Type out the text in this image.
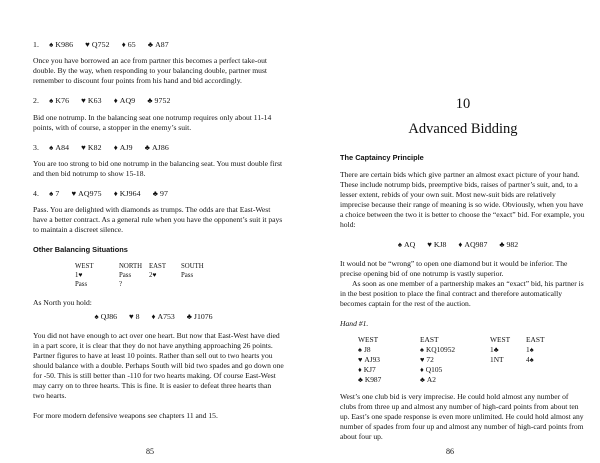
1. ♠ K986 ♥ Q752 ♦ 65 ♣ A87

Once you have borrowed an ace from partner this becomes a perfect take-out double. By the way, when responding to your balancing double, partner must remember to discount four points from his hand and bid accordingly.

2. ♠ K76 ♥ K63 ♦ AQ9 ♣ 9752

Bid one notrump. In the balancing seat one notrump requires only about 11-14 points, with of course, a stopper in the enemy’s suit.

3. ♠ A84 ♥ K82 ♦ AJ9 ♣ AJ86

You are too strong to bid one notrump in the balancing seat. You must double first and then bid notrump to show 15-18.

4. ♠ 7 ♥ AQ975 ♦ KJ964 ♣ 97

Pass. You are delighted with diamonds as trumps. The odds are that East-West have a better contract. As a general rule when you have the opponent’s suit it pays to maintain a discreet silence.

Other Balancing Situations
WEST	NORTH	EAST	SOUTH
1♥	Pass	2♥	Pass
Pass	?		

As North you hold:

♠ QJ86 ♥ 8 ♦ A753 ♣ J1076

You did not have enough to act over one heart. But now that East-West have died in a part score, it is clear that they do not have anything approaching 26 points. Partner figures to have at least 10 points. Rather than sell out to two hearts you should balance with a double. Perhaps South will bid two spades and go down one for -50. This is still better than -110 for two hearts making. Of course East-West may carry on to three hearts. This is fine. It is easier to defeat three hearts than two hearts.

For more modern defensive weapons see chapters 11 and 15.

85
10
Advanced Bidding
The Captaincy Principle

There are certain bids which give partner an almost exact picture of your hand. These include notrump bids, preemptive bids, raises of partner’s suit, and, to a lesser extent, rebids of your own suit. Most new-suit bids are relatively imprecise because their range of meaning is so wide. Obviously, when you have a choice between the two it is better to choose the “exact” bid. For example, you hold:

♠ AQ ♥ KJ8 ♦ AQ987 ♣ 982

It would not be “wrong” to open one diamond but it would be inferior. The precise opening bid of one notrump is vastly superior.

As soon as one member of a partnership makes an “exact” bid, his partner is in the best position to place the final contract and therefore automatically becomes captain for the rest of the auction.

Hand #1.

WEST	EAST	WEST	EAST
♠ J8	♠ KQ10952	1♣	1♠
♥ AJ93	♥ 72	1NT	4♠
♦ KJ7	♦ Q105		
♣ K987	♣ A2		

West’s one club bid is very imprecise. He could hold almost any number of clubs from three up and almost any number of high-card points from about ten up. East’s one spade response is even more unlimited. He could hold almost any number of spades from four up and almost any number of high-card points from about four up.

86
